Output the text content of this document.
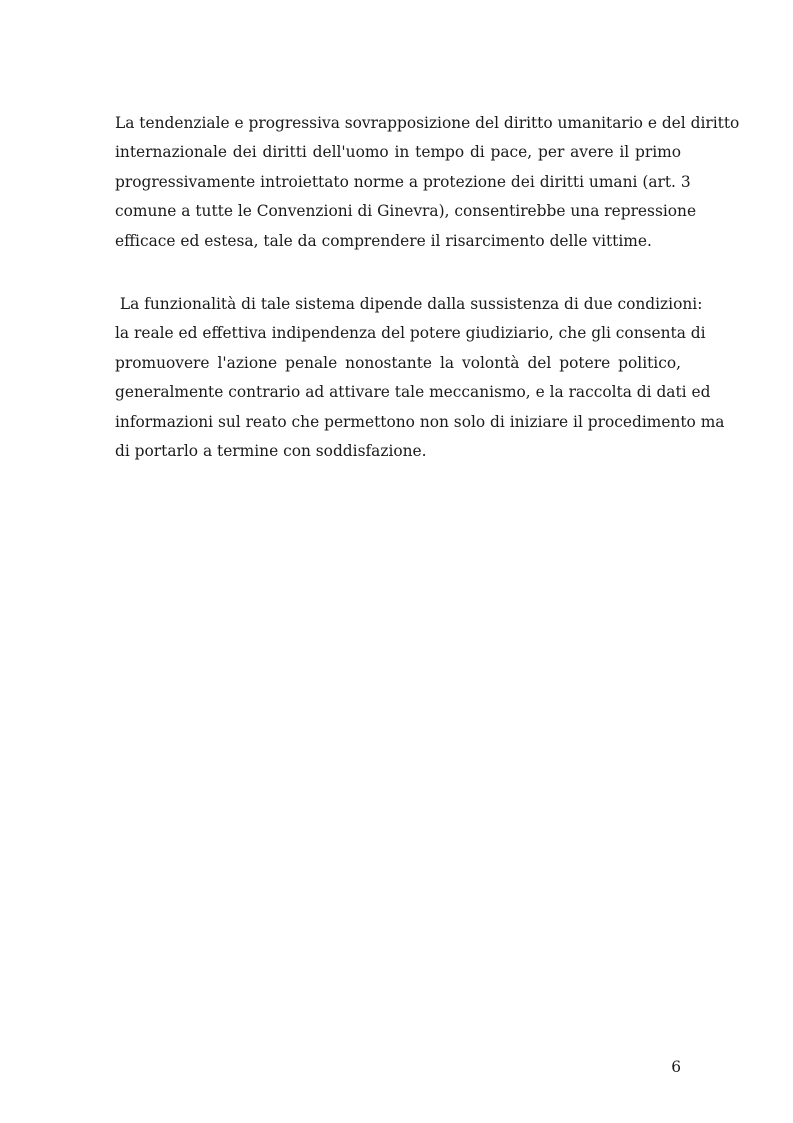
La tendenziale e progressiva sovrapposizione del diritto umanitario e del diritto
internazionale dei diritti dell'uomo in tempo di pace, per avere il primo
progressivamente introiettato norme a protezione dei diritti umani (art. 3
comune a tutte le Convenzioni di Ginevra), consentirebbe una repressione
efficace ed estesa, tale da comprendere il risarcimento delle vittime.
La funzionalità di tale sistema dipende dalla sussistenza di due condizioni:
la reale ed effettiva indipendenza del potere giudiziario, che gli consenta di
promuovere l'azione penale nonostante la volontà del potere politico,
generalmente contrario ad attivare tale meccanismo, e la raccolta di dati ed
informazioni sul reato che permettono non solo di iniziare il procedimento ma
di portarlo a termine con soddisfazione.
6
